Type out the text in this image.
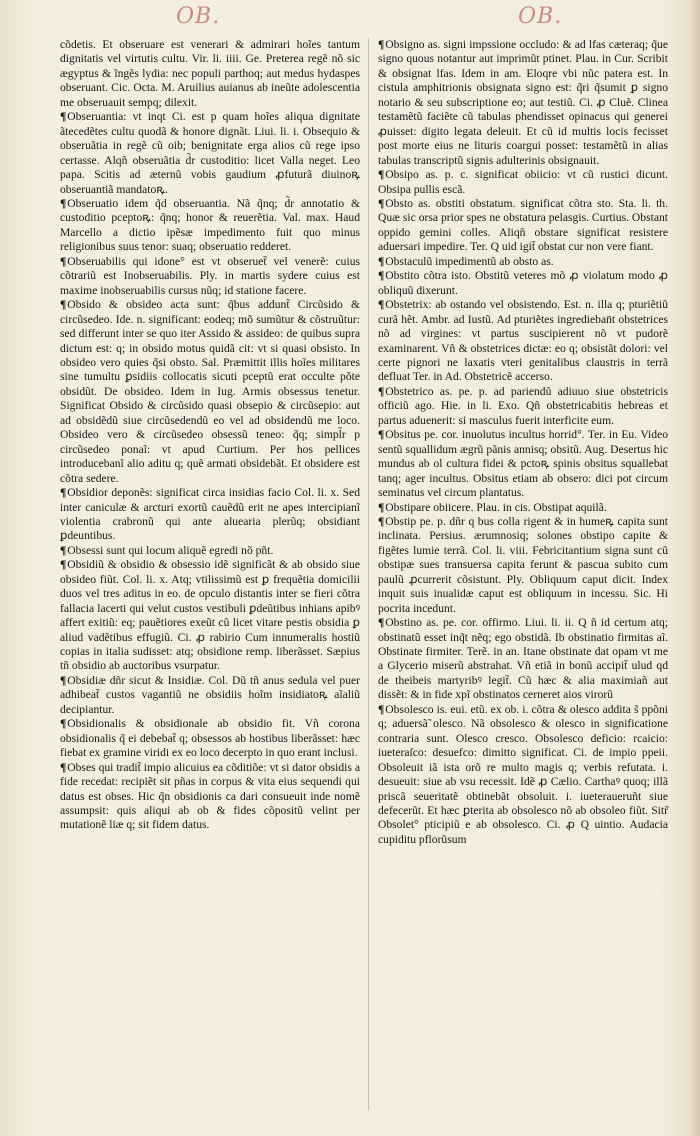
OB.	OB.

cõdetis. Et obseruare est venerari & admirari hoĩes tantum dignitatis vel virtutis cultu. Vir. li. iiii. Ge. Preterea regẽ nõ sic ægyptus & ĩngẽs lydia: nec populi parthoq; aut medus hydaspes obseruant. Cic. Octa. M. Aruilius auianus ab ineũte adolescentia me obseruauit sempq; dilexit.

¶Obseruantia: vt inqt Ci. est p quam hoĩes aliqua dignitate ãtecedẽtes cultu quodã & honore dignãt. Liui. li. i. Obsequio & obseruãtia in regẽ cũ oib; benignitate erga alios cũ rege ipso certasse. Alqñ obseruãtia d̃r custoditio: licet Valla neget. Leo papa. Scitis ad æternũ vobis gaudium ꝓfuturã diuinoꝶ obseruantiã mandatoꝶ.

¶Obseruatio idem q̃d obseruantia. Nã q̃nq; d̃r annotatio & custoditio pceptoꝶ: q̃nq; honor & reuerẽtia. Val. max. Haud Marcello a dictio ipẽsæ impedimento fuit quo minus religionibus suus tenor: suaq; obseruatio redderet.

¶Obseruabilis qui idone° est vt obseruet̃ vel venerẽ: cuius cõtrariũ est Inobseruabilis. Ply. in martis sydere cuius est maxime inobseruabilis cursus nũq; id statione facere.

¶Obsido & obsideo acta sunt: q̃bus addunt̃ Circũsido & circũsedeo. Ide. n. significant: eodeq; mõ sumũtur & cõstruũtur: sed differunt inter se quo iter Assido & assideo: de quibus supra dictum est: q; in obsido motus quidã cit: vt si quasi obsisto. In obsideo vero quies q̃si obsto. Sal. Præmittit illis hoĩes militares sine tumultu ꝑsidiis collocatis sicuti pceptũ erat occulte põte obsidũt. De obsideo. Idem in Iug. Armis obsessus tenetur. Significat Obsido & circũsido quasi obsepio & circũsepio: aut ad obsidẽdũ siue circũsedendũ eo vel ad obsidendũ me loco. Obsideo vero & circũsedeo obsessũ teneo: q̃q; simpl̃r p circũsedeo ponaĩ: vt apud Curtium. Per hos pellices introducebanĩ alio aditu q; quẽ armati obsidebãt. Et obsidere est cõtra sedere.

¶Obsidior deponẽs: significat circa insidias facio Col. li. x. Sed inter caniculæ & arcturi exortũ cauẽdũ erit ne apes intercipianĩ violentia crabronũ qui ante aluearia plerũq; obsidiant ꝑdeuntibus.

¶Obsessi sunt qui locum aliquẽ egredi nõ pñt.

¶Obsidiũ & obsidio & obsessio idẽ significãt & ab obsido siue obsideo fiũt. Col. li. x. Atq; vtilissimũ est ꝑ frequẽtia domicilii duos vel tres aditus in eo. de opculo distantis inter se fieri cõtra fallacia lacerti qui velut custos vestibuli ꝑdeũtibus inhians apibꝰ affert exitiũ: eq; pauẽtiores exeũt cũ licet vitare pestis obsidia ꝑ aliud vadẽtibus effugiũ. Ci. ꝓ rabirio Cum innumeralis hostiũ copias in italia sudisset: atq; obsidione remp. liberãsset. Sæpius tñ obsidio ab auctoribus vsurpatur.

¶Obsidiæ dñr sicut & Insidiæ. Col. Dũ tñ anus sedula vel puer adhibeat̃ custos vagantiũ ne obsidiis hoĩm insidiatoꝶ aĩaliũ decipiantur.

¶Obsidionalis & obsidionale ab obsidio fit. Vñ corona obsidionalis q̃ ei debebat̃ q; obsessos ab hostibus liberãsset: hæc fiebat ex gramine viridi ex eo loco decerpto in quo erant inclusi.

¶Obses qui tradit̃ impio alicuius ea cõditiõe: vt si dator obsidis a fide recedat: recipiẽt sit pñas in corpus & vita eius sequendi qui datus est obses. Hic q̃n obsidionis ca dari consueuit inde nomẽ assumpsit: quis aliqui ab ob & fides cõpositũ velint per mutationẽ liæ q; sit fidem datus.

¶Obsigno as. signi impssione occludo: & ad lfas cæteraq; q̃ue signo quous notantur aut imprimũt ptinet. Plau. in Cur. Scribit & obsignat lfas. Idem in am. Eloqre vbi nũc patera est. In cistula amphitrionis obsignata signo est: q̃ri q̃sumit ꝑ signo notario & seu subscriptione eo; aut testiũ. Ci. ꝓ Cluẽ. Clinea testamẽtũ faciẽte cũ tabulas phendisset opinacus qui generei ꝓuisset: digito legata deleuit. Et cũ id multis locis fecisset post morte eius ne lituris coargui posset: testamẽtũ in alias tabulas transcriptũ signis adulterinis obsignauit.

¶Obsipo as. p. c. significat obiicio: vt cũ rustici dicunt. Obsipa pullis escã.

¶Obsto as. obstiti obstatum. significat cõtra sto. Sta. li. th. Quæ sic orsa prior spes ne obstatura pelasgis. Curtius. Obstant oppido gemini colles. Aliqñ obstare significat resistere aduersari impedire. Ter. Q uid igit̃ obstat cur non vere fiant.

¶Obstaculũ impedimentũ ab obsto as.

¶Obstito cõtra isto. Obstitũ veteres mõ ꝓ violatum modo ꝓ obliquũ dixerunt.

¶Obstetrix: ab ostando vel obsistendo. Est. n. illa q; pturiẽtiũ curã hẽt. Ambr. ad Iustũ. Ad pturiẽtes ingredieban̄t obstetrices nõ ad virgines: vt partus suscipierent nõ vt pudorẽ examinarent. Vñ & obstetrices dictæ: eo q; obsistãt dolori: vel certe pignori ne laxatis vteri genitalibus claustris in terrã defluat Ter. in Ad. Obstetricẽ accerso.

¶Obstetrico as. pe. p. ad pariendũ adiuuo siue obstetricis officiũ ago. Hie. in li. Exo. Qñ obstetricabitis hebreas et partus aduenerit: si masculus fuerit interficite eum.

¶Obsitus pe. cor. inuolutus incultus horrid°. Ter. in Eu. Video sentũ squallidum ægrũ pãnis annisq; obsitũ. Aug. Desertus hic mundus ab ol cultura fidei & pctoꝶ spinis obsitus squallebat tanq; ager incultus. Obsitus etiam ab obsero: dici pot circum seminatus vel circum plantatus.

¶Obstipare obiicere. Plau. in cis. Obstipat aquilã.

¶Obstip pe. p. dñr q bus colla rigent & in humeꝶ capita sunt inclinata. Persius. ærumnosiq; solones obstipo capite & figẽtes lumie terrã. Col. li. viii. Febricitantium signa sunt cũ obstipæ sues transuersa capita ferunt & pascua subito cum paulũ ꝓcurrerit cõsistunt. Ply. Obliquum caput dicit. Index inquit suis inualidæ caput est obliquum in incessu. Sic. Hi pocrita incedunt.

¶Obstino as. pe. cor. offirmo. Liui. li. ii. Q ñ id certum atq; obstinatũ esset inq̃t nẽq; ego obstidã. Ib obstinatio firmitas aĩ. Obstinate firmiter. Terẽ. in an. Itane obstinate dat opam vt me a Glycerio miserũ abstrahat. Vñ etiã in bonũ accipit̃ ulud qd de theibeis martyribꝰ legit̃. Cũ hæc & alia maximiañ aut dissẽt: & in fide xpĩ obstinatos cerneret aios virorũ

¶Obsolesco is. eui. etũ. ex ob. i. cõtra & olesco addita s̃ ppõni q; aduersã̃ olesco. Nã obsolesco & olesco in significatione contraria sunt. Olesco cresco. Obsolesco deficio: rcaicio: iueteraſco: desuefco: dimitto significat. Ci. de impio ppeii. Obsoleuit iã ista orõ re multo magis q; verbis refutata. i. desueuit: siue ab vsu recessit. Idẽ ꝓ Cælio. Carthaꝰ quoq; illã priscã seueritatẽ obtinebãt obsoluit. i. iueteraueruñt siue defecerũt. Et hæc ꝑterita ab obsolesco nõ ab obsoleo fiũt. Sitr̃ Obsolet° pticipiũ e ab obsolesco. Ci. ꝓ Q uintio. Audacia cupiditu pflorũsum
